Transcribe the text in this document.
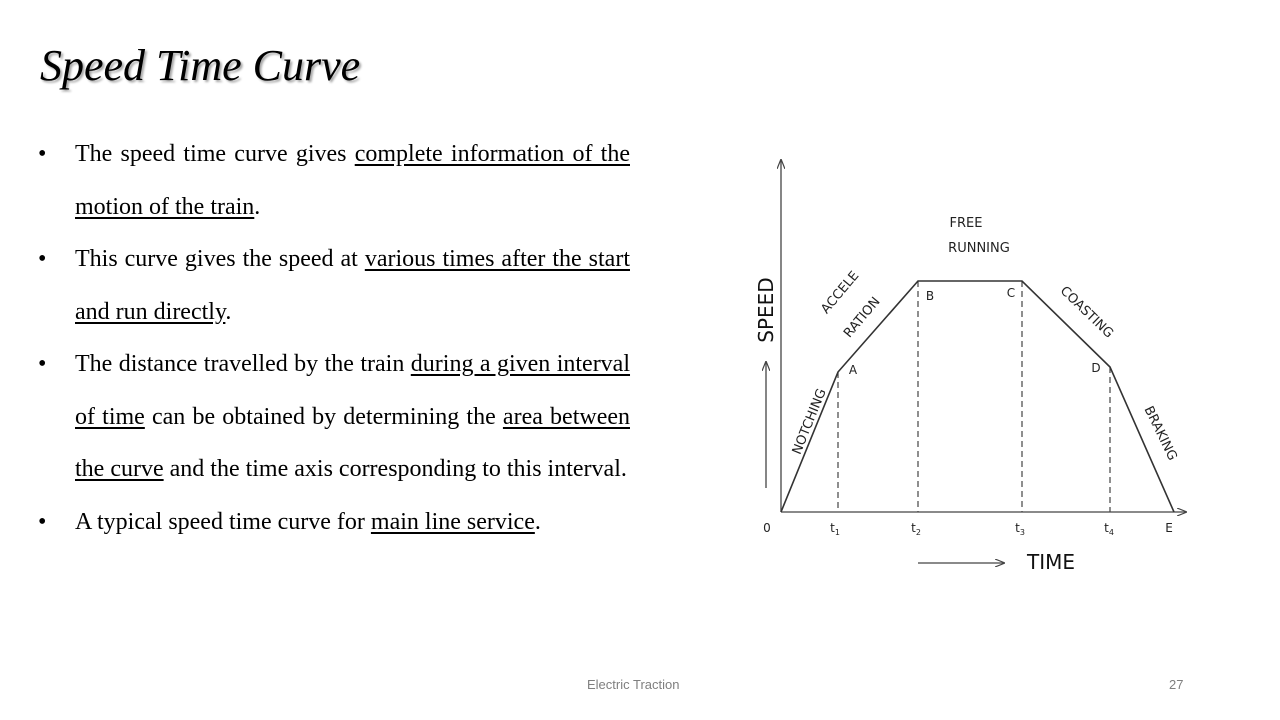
Speed Time Curve
• The speed time curve gives complete information of the motion of the train.
• This curve gives the speed at various times after the start and run directly.
• The distance travelled by the train during a given interval of time can be obtained by determining the area between the curve and the time axis corresponding to this interval.
• A typical speed time curve for main line service.
SPEED
NOTCHING
ACCELE
RATION
FREE
RUNNING
COASTING
BRAKING
A
B	C
D
0	$t_1$	$t_2$	$t_3$	$t_4$	E
TIME
Electric Traction	27
